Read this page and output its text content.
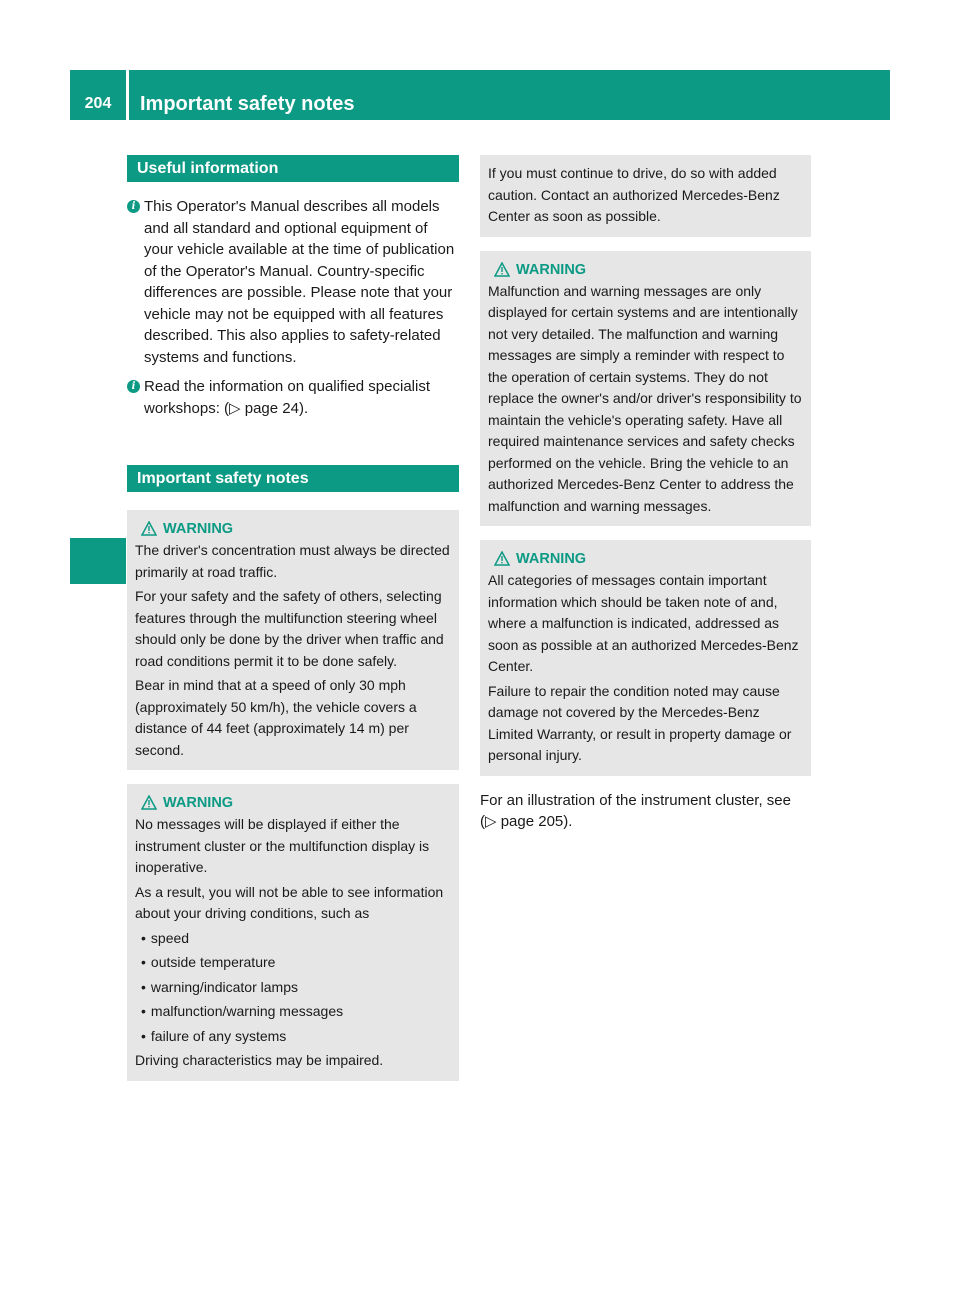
204	Important safety notes
On-board computer and displays	Useful information
i This Operator's Manual describes all models and all standard and optional equipment of your vehicle available at the time of publication of the Operator's Manual. Country-specific differences are possible. Please note that your vehicle may not be equipped with all features described. This also applies to safety-related systems and functions.
i Read the information on qualified specialist workshops: (▷ page 24).
Important safety notes
WARNING

The driver's concentration must always be directed primarily at road traffic.

For your safety and the safety of others, selecting features through the multifunction steering wheel should only be done by the driver when traffic and road conditions permit it to be done safely.

Bear in mind that at a speed of only 30 mph (approximately 50 km/h), the vehicle covers a distance of 44 feet (approximately 14 m) per second.

WARNING

No messages will be displayed if either the instrument cluster or the multifunction display is inoperative.

As a result, you will not be able to see information about your driving conditions, such as

• speed

• outside temperature

• warning/indicator lamps

• malfunction/warning messages

• failure of any systems

Driving characteristics may be impaired.

If you must continue to drive, do so with added caution. Contact an authorized Mercedes-Benz Center as soon as possible.

WARNING

Malfunction and warning messages are only displayed for certain systems and are intentionally not very detailed. The malfunction and warning messages are simply a reminder with respect to the operation of certain systems. They do not replace the owner's and/or driver's responsibility to maintain the vehicle's operating safety. Have all required maintenance services and safety checks performed on the vehicle. Bring the vehicle to an authorized Mercedes-Benz Center to address the malfunction and warning messages.

WARNING

All categories of messages contain important information which should be taken note of and, where a malfunction is indicated, addressed as soon as possible at an authorized Mercedes-Benz Center.

Failure to repair the condition noted may cause damage not covered by the Mercedes-Benz Limited Warranty, or result in property damage or personal injury.

For an illustration of the instrument cluster, see (▷ page 205).
